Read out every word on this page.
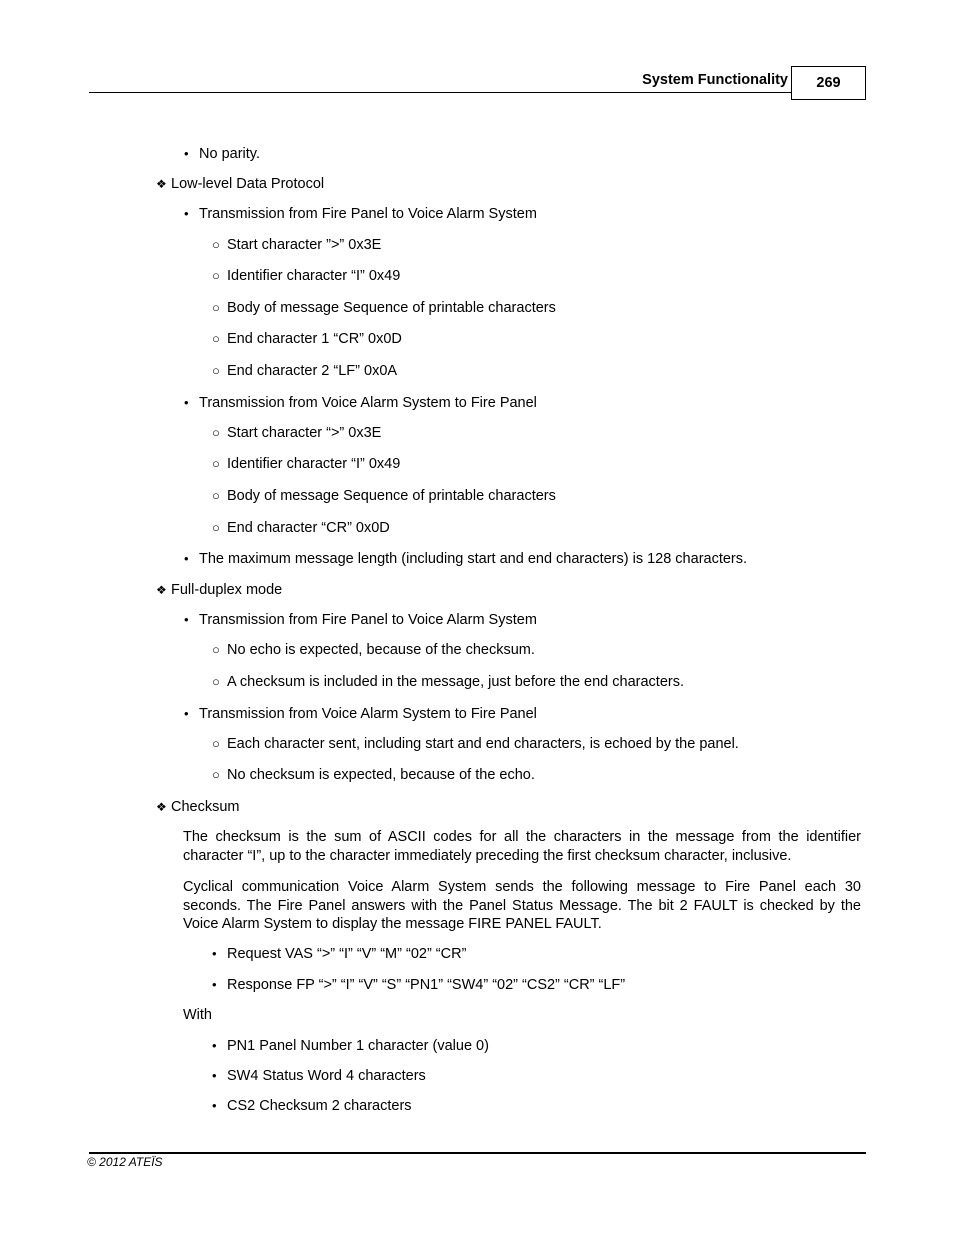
System Functionality	269
• No parity.
❖ Low-level Data Protocol
• Transmission from Fire Panel to Voice Alarm System
○ Start character ”>” 0x3E
○ Identifier character “I” 0x49
○ Body of message Sequence of printable characters
○ End character 1 “CR” 0x0D
○ End character 2 “LF” 0x0A
• Transmission from Voice Alarm System to Fire Panel
○ Start character “>” 0x3E
○ Identifier character “I” 0x49
○ Body of message Sequence of printable characters
○ End character “CR” 0x0D
• The maximum message length (including start and end characters) is 128 characters.
❖ Full-duplex mode
• Transmission from Fire Panel to Voice Alarm System
○ No echo is expected, because of the checksum.
○ A checksum is included in the message, just before the end characters.
• Transmission from Voice Alarm System to Fire Panel
○ Each character sent, including start and end characters, is echoed by the panel.
○ No checksum is expected, because of the echo.
❖ Checksum
The checksum is the sum of ASCII codes for all the characters in the message from the identifier character “I”, up to the character immediately preceding the first checksum character, inclusive.
Cyclical communication Voice Alarm System sends the following message to Fire Panel each 30 seconds. The Fire Panel answers with the Panel Status Message. The bit 2 FAULT is checked by the Voice Alarm System to display the message FIRE PANEL FAULT.
• Request VAS “>” “I” “V” “M” “02” “CR”
• Response FP “>” “I” “V” “S” “PN1” “SW4” “02” “CS2” “CR” “LF”
With
• PN1 Panel Number 1 character (value 0)
• SW4 Status Word 4 characters
• CS2 Checksum 2 characters
© 2012 ATEÏS
